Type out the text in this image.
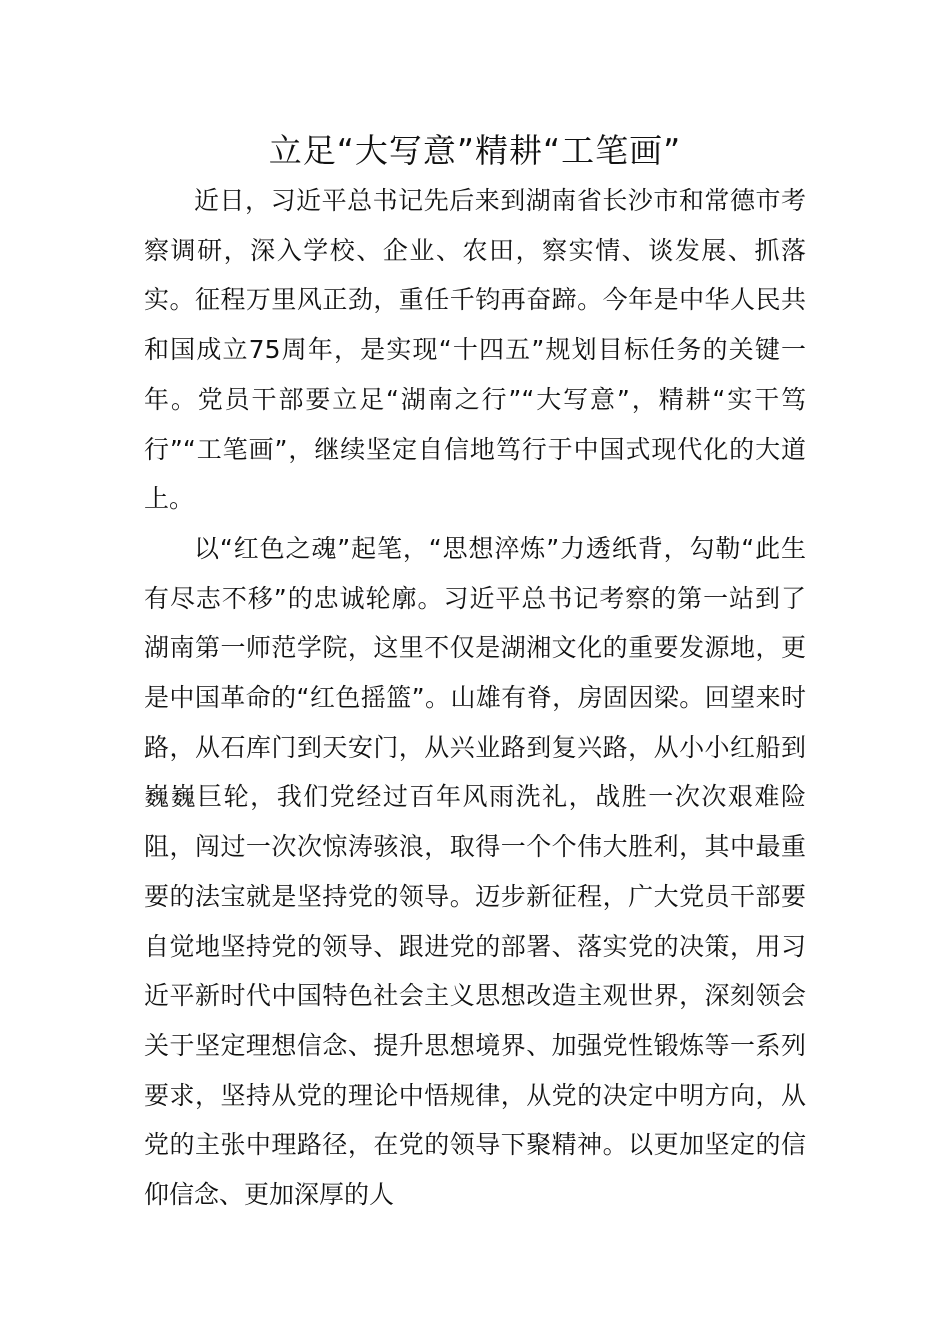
立足“大写意”精耕“工笔画”

近日，习近平总书记先后来到湖南省长沙市和常德市考察调研，深入学校、企业、农田，察实情、谈发展、抓落实。征程万里风正劲，重任千钧再奋蹄。今年是中华人民共和国成立75周年，是实现“十四五”规划目标任务的关键一年。党员干部要立足“湖南之行”“大写意”，精耕“实干笃行”“工笔画”，继续坚定自信地笃行于中国式现代化的大道上。

以“红色之魂”起笔，“思想淬炼”力透纸背，勾勒“此生有尽志不移”的忠诚轮廓。习近平总书记考察的第一站到了湖南第一师范学院，这里不仅是湖湘文化的重要发源地，更是中国革命的“红色摇篮”。山雄有脊，房固因梁。回望来时路，从石库门到天安门，从兴业路到复兴路，从小小红船到巍巍巨轮，我们党经过百年风雨洗礼，战胜一次次艰难险阻，闯过一次次惊涛骇浪，取得一个个伟大胜利，其中最重要的法宝就是坚持党的领导。迈步新征程，广大党员干部要自觉地坚持党的领导、跟进党的部署、落实党的决策，用习近平新时代中国特色社会主义思想改造主观世界，深刻领会关于坚定理想信念、提升思想境界、加强党性锻炼等一系列要求，坚持从党的理论中悟规律，从党的决定中明方向，从党的主张中理路径，在党的领导下聚精神。以更加坚定的信仰信念、更加深厚的人
